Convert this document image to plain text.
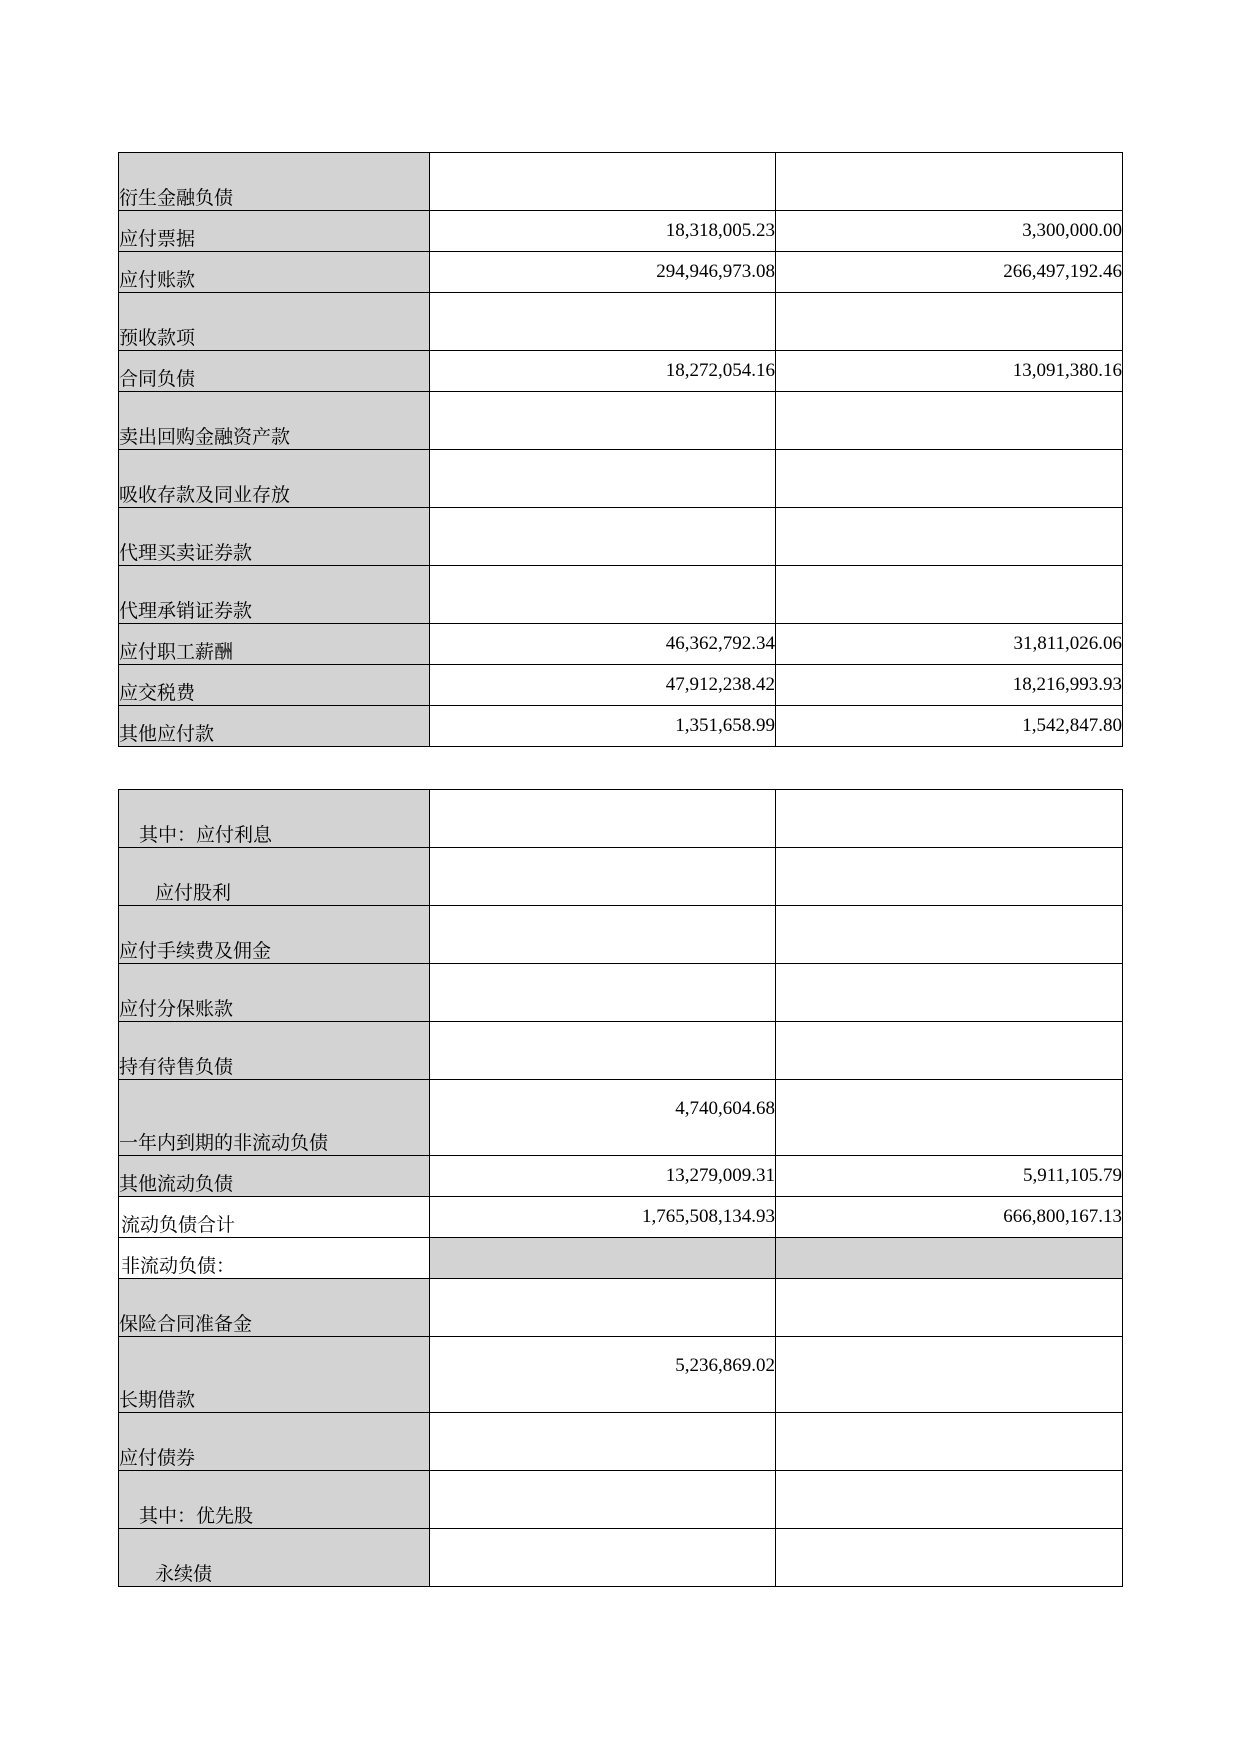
衍生金融负债		
应付票据	18,318,005.23	3,300,000.00
应付账款	294,946,973.08	266,497,192.46
预收款项		
合同负债	18,272,054.16	13,091,380.16
卖出回购金融资产款		
吸收存款及同业存放		
代理买卖证券款		
代理承销证券款		
应付职工薪酬	46,362,792.34	31,811,026.06
应交税费	47,912,238.42	18,216,993.93
其他应付款	1,351,658.99	1,542,847.80
其中：应付利息		
应付股利		
应付手续费及佣金		
应付分保账款		
持有待售负债		
一年内到期的非流动负债	4,740,604.68	
其他流动负债	13,279,009.31	5,911,105.79
流动负债合计	1,765,508,134.93	666,800,167.13
非流动负债：		
保险合同准备金		
长期借款	5,236,869.02	
应付债券		
其中：优先股		
永续债		
